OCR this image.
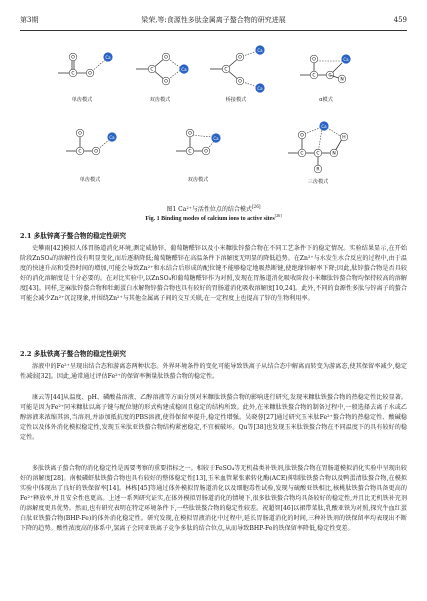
第3期	梁荣,等:食源性多肽金属离子螯合物的研究进展	459
O
C
O
O
Ca
单齿模式
C
O
O
Ca
双齿模式
C
O
O
Ca
Ca
桥接模式
C
O
C
N
Ca
α模式
C
O
O
Ca
单齿模式
C
O
O
Ca
双齿模式
C
O
C
R
N
H
Ca
三齿模式
图1 Ca²⁺与活性位点的结合模式[26]
Fig. 1 Binding modes of calcium ions to active sites[26]
2.1 多肽锌离子螯合物的稳定性研究

史攀雨[42]模拟人体胃肠道消化环境,测定威胁锌、葡萄糖醛锌以及小米糠肽锌螯合物在不同工艺条件下的稳定情况。实验结果显示,在开始阶段ZnSO₄的溶解性没有明显变化,而后逐渐降低;葡萄糖醛锌在高温条件下溶解度无明显的降低趋势。在Zn²⁺与水发生水合反应的过程中,由于温度的快速升高和受热时间的增加,可能会导致Zn²⁺和水结合后形成的配位键不能够稳定地吸热断键,使绝缘锌解率下降;因此,肽锌螯合物是否具较好的消化溶解度是十分必要的。在对比实验中,以ZnSO₄和葡萄糖醛锌作为对照,发现在胃肠道消化吸收阶段小米糠肽锌螯合物均保持较高的溶解度[43]。同样,芝麻肽锌螯合物和牡蛎蛋白水解物锌螯合物也具有较好的胃肠道消化吸收溶解度[10,24]。此外,不同的食源性多肽与锌离子的螯合可能会减少Zn²⁺沉淀现象,并围绕Zn²⁺与其他金属离子间的交互关联,在一定程度上也提高了锌的生物利用率。

2.2 多肽铁离子螯合物的稳定性研究

溶液中的Fe²⁺呈现出结合态和游离态两种状态。外界环境条件的变化可能导致铁离子从结合态中解离而转变为游离态,使其保留率减少,稳定性减弱[32]。因此,通常通过评估Fe²⁺的保留率衡量肽铁螯合物的稳定性。

康云等[44]从温度、pH、磷酸盐溶液、乙醇溶液等方面分别对米糠肽铁螯合物的影响进行研究,发现米糠肽铁螯合物的热稳定性比较显著。可能是因为Fe²⁺同米糠肽以离子键与配位键的形式构建成稳固且稳定的结构所致。此外,在米糠肽铁螯合物的制备过程中,一般选择去离子水或乙醇溶液来浓缩其溶,当溶剂,并添加抵抗度的PBS溶液,使得保留率提升,稳定性增强。吴晓蓉[27]通过研究玉米肽Fe²⁺螯合物的热稳定性、酸碱稳定性以及体外消化模拟稳定性,发现玉米肽亚铁螯合物结构紧密稳定,不宜被破坏。Qu等[38]也发现玉米肽铁螯合物在不同温度下的具有较好的稳定性。

多肽铁离子螯合物的消化稳定性是需要考察的重要指标之一。相较于FeSO₄等无机盐类补铁剂,肽铁螯合物在胃肠道模拟消化实验中呈现出较好的溶解度[28]。南极磷虾肽铁螯合物也具有较好的整体稳定性[13],玉米血管紧张素转化酶(ACE)抑制肽铁螯合物以及鸭蛋清肽螯合物,在模拟实验中体现出了良好的铁保留率[14]。林栋[45]等通过体外模拟胃肠道消化以及细胞毒性试验,发现与硫酸亚铁相比,核桃肽铁螯合物具备更高的Fe²⁺释放率,并且安全性也更高。上述一系列研究证实,在体外模拟胃肠道消化的情境下,很多肽铁螯合物均具备较好的稳定性,并且比无机铁补充剂的溶解度更具优势。然而,也有研究表明在特定环境条件下,一些肽铁螯合物的稳定性较差。祝超智[46]以裙带菜肽,乳酸亚铁为对照,探究牛血红蛋白肽亚铁螯合物(BHP-Fe)的体外消化稳定性。研究发现,在模拟胃液消化中过程中,延长胃肠道消化的时间,三种补铁剂的铁保留率均表现出不断下降的趋势。酸性浓度高的体系中,氢离子会同亚铁离子竞争多肽的结合位点,从而导致BHP-Fe的铁保留率降低,稳定性变差。
